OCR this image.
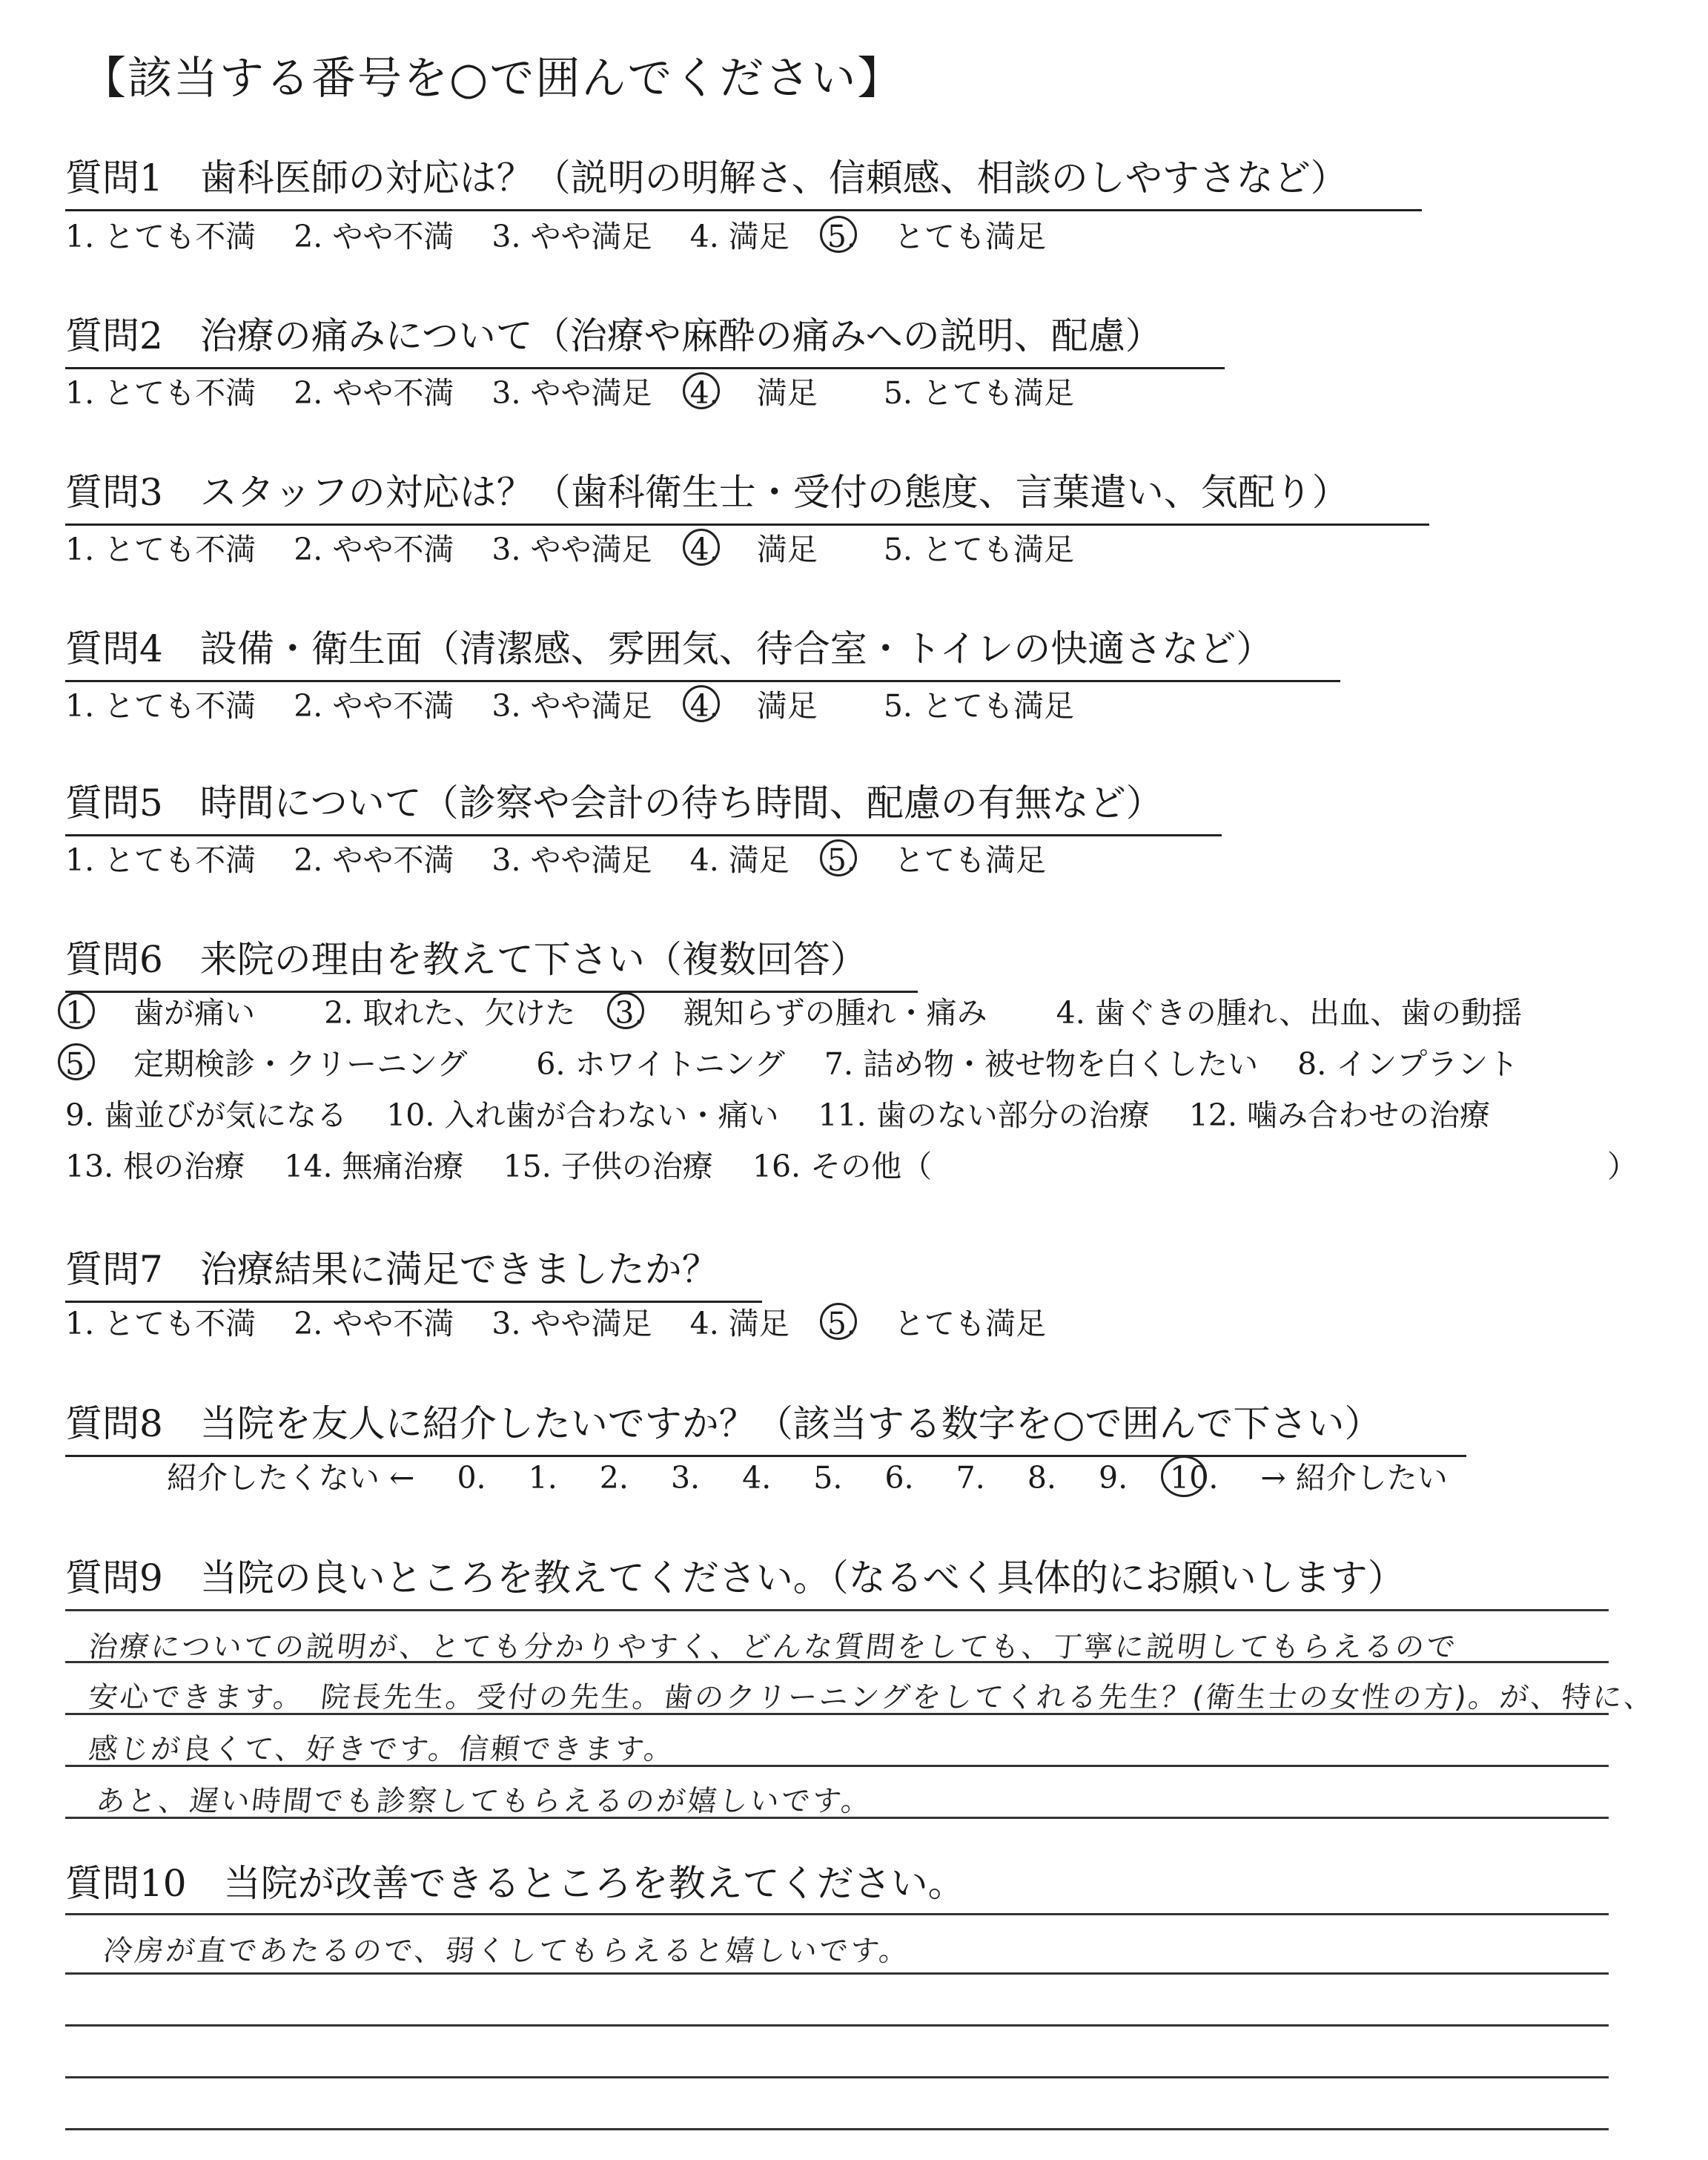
【該当する番号を○で囲んでください】
質問1　歯科医師の対応は？（説明の明解さ、信頼感、相談のしやすさなど）
1. とても不満 2. やや不満 3. やや満足 4. 満足 5. とても満足
質問2　治療の痛みについて（治療や麻酔の痛みへの説明、配慮）
1. とても不満 2. やや不満 3. やや満足 4. 満足 5. とても満足
質問3　スタッフの対応は？（歯科衛生士・受付の態度、言葉遣い、気配り）
1. とても不満 2. やや不満 3. やや満足 4. 満足 5. とても満足
質問4　設備・衛生面（清潔感、雰囲気、待合室・トイレの快適さなど）
1. とても不満 2. やや不満 3. やや満足 4. 満足 5. とても満足
質問5　時間について（診察や会計の待ち時間、配慮の有無など）
1. とても不満 2. やや不満 3. やや満足 4. 満足 5. とても満足
質問6　来院の理由を教えて下さい（複数回答）
1. 歯が痛い 2. 取れた、欠けた 3. 親知らずの腫れ・痛み 4. 歯ぐきの腫れ、出血、歯の動揺
5. 定期検診・クリーニング 6. ホワイトニング 7. 詰め物・被せ物を白くしたい 8. インプラント
9. 歯並びが気になる 10. 入れ歯が合わない・痛い 11. 歯のない部分の治療 12. 噛み合わせの治療
13. 根の治療 14. 無痛治療 15. 子供の治療 16. その他（	）
質問7　治療結果に満足できましたか？
1. とても不満 2. やや不満 3. やや満足 4. 満足 5. とても満足
質問8　当院を友人に紹介したいですか？（該当する数字を○で囲んで下さい）
紹介したくない ← 0. 1. 2. 3. 4. 5. 6. 7. 8. 9. 10. → 紹介したい
質問9　当院の良いところを教えてください。（なるべく具体的にお願いします）
治療についての説明が、とても分かりやすく、どんな質問をしても、丁寧に説明してもらえるので
安心できます。　院長先生。受付の先生。歯のクリーニングをしてくれる先生？(衛生士の女性の方)。が、特に、
感じが良くて、好きです。信頼できます。
あと、遅い時間でも診察してもらえるのが嬉しいです。
質問10　当院が改善できるところを教えてください。
冷房が直であたるので、弱くしてもらえると嬉しいです。
